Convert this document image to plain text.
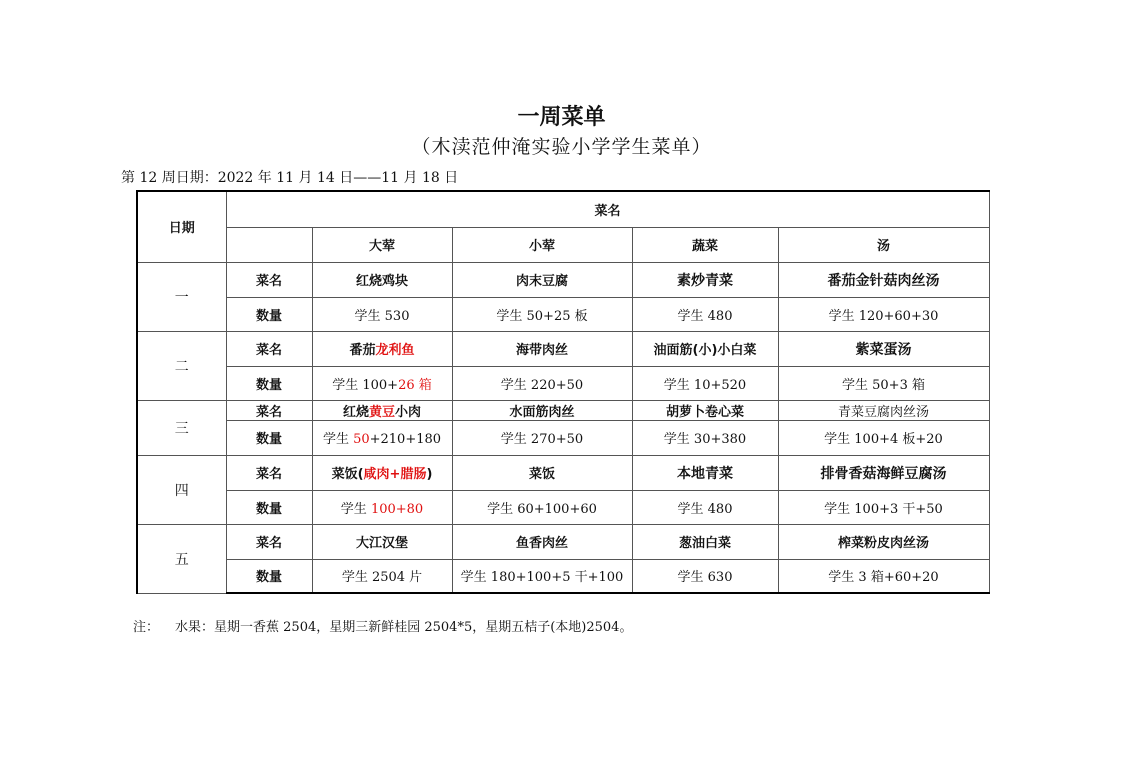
一周菜单
（木渎范仲淹实验小学学生菜单）
第 12 周日期：2022 年 11 月 14 日——11 月 18 日
日期	菜名				
		大荤	小荤	蔬菜	汤
一	菜名	红烧鸡块	肉末豆腐	素炒青菜	番茄金针菇肉丝汤
	数量	学生 530	学生 50+25 板	学生 480	学生 120+60+30
二	菜名	番茄龙利鱼	海带肉丝	油面筋(小)小白菜	紫菜蛋汤
	数量	学生 100+26 箱	学生 220+50	学生 10+520	学生 50+3 箱
三	菜名	红烧黄豆小肉	水面筋肉丝	胡萝卜卷心菜	青菜豆腐肉丝汤
	数量	学生 50+210+180	学生 270+50	学生 30+380	学生 100+4 板+20
四	菜名	菜饭(咸肉+腊肠)	菜饭	本地青菜	排骨香菇海鲜豆腐汤
	数量	学生 100+80	学生 60+100+60	学生 480	学生 100+3 干+50
五	菜名	大江汉堡	鱼香肉丝	葱油白菜	榨菜粉皮肉丝汤
	数量	学生 2504 片	学生 180+100+5 干+100	学生 630	学生 3 箱+60+20
注： 水果：星期一香蕉 2504，星期三新鲜桂园 2504*5，星期五桔子(本地)2504。
